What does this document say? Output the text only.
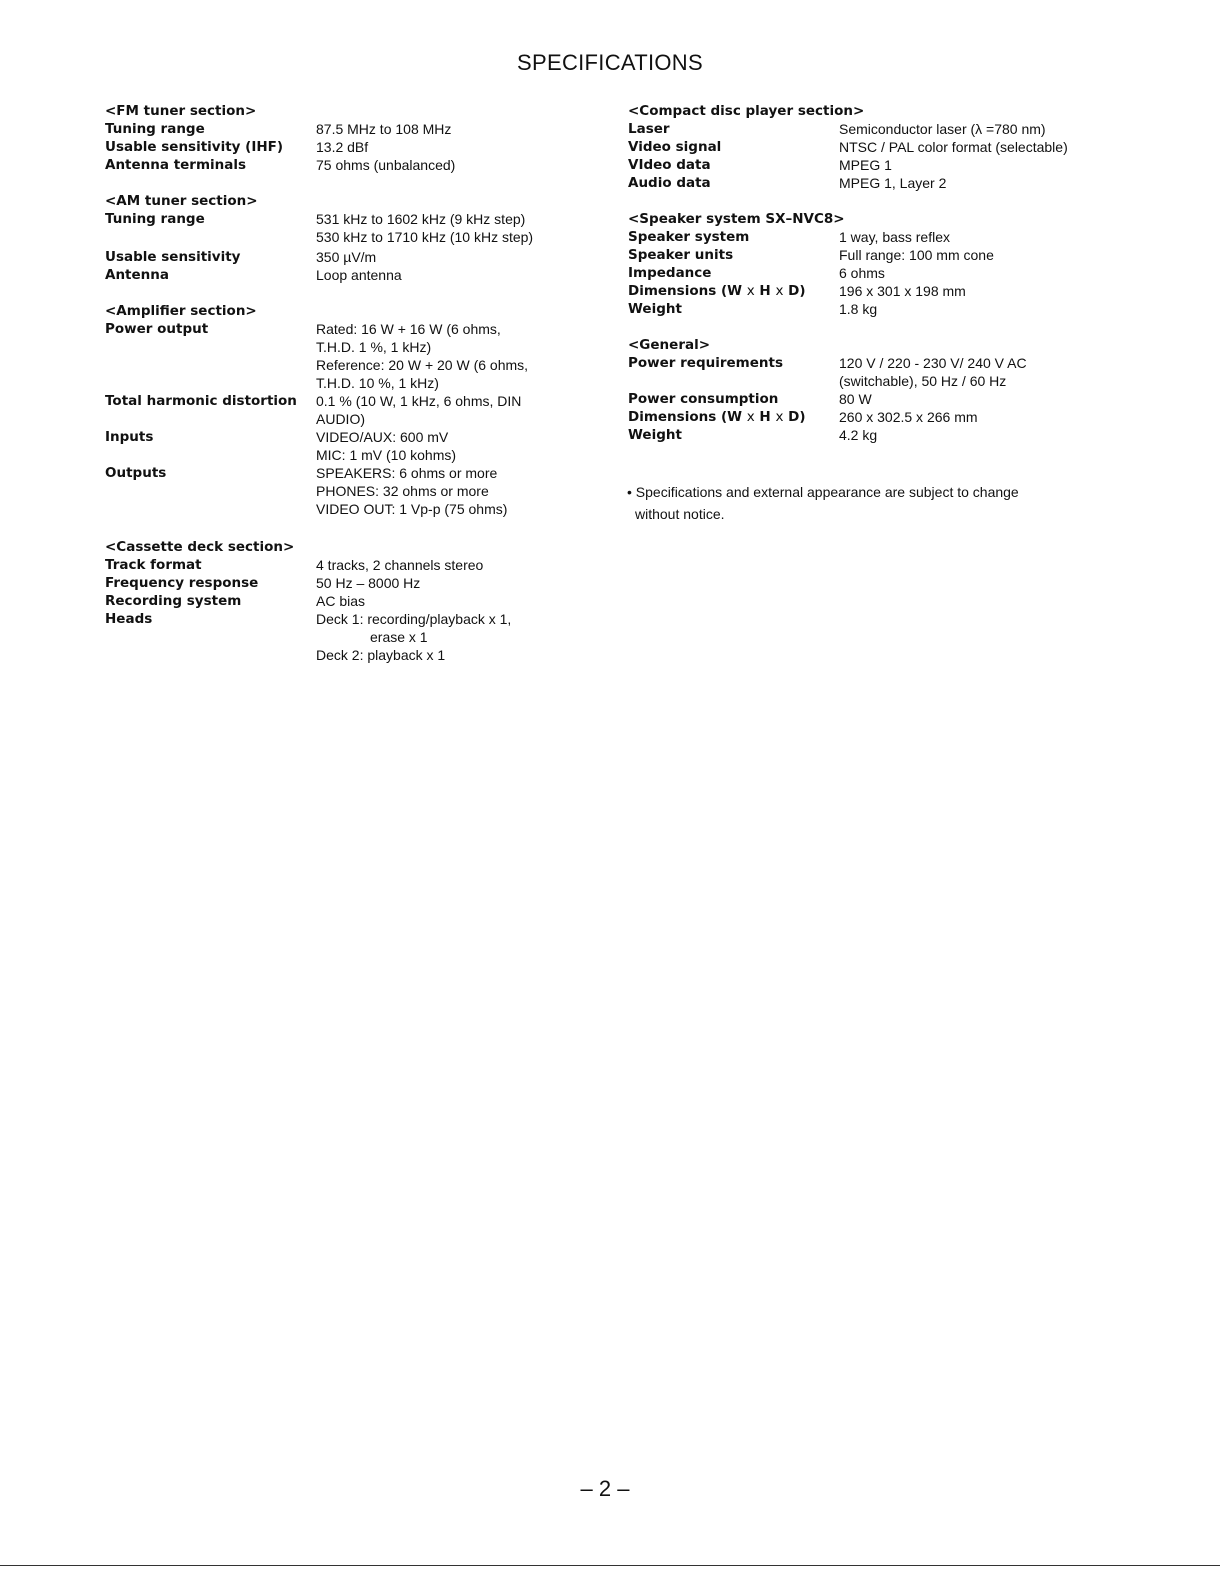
SPECIFICATIONS
<FM tuner section>
Tuning range	87.5 MHz to 108 MHz
Usable sensitivity (IHF)	13.2 dBf
Antenna terminals	75 ohms (unbalanced)
<AM tuner section>
Tuning range	531 kHz to 1602 kHz (9 kHz step)
530 kHz to 1710 kHz (10 kHz step)
Usable sensitivity	350 µV/m
Antenna	Loop antenna
<Amplifier section>
Power output	Rated: 16 W + 16 W (6 ohms,
T.H.D. 1 %, 1 kHz)
Reference: 20 W + 20 W (6 ohms,
T.H.D. 10 %, 1 kHz)
Total harmonic distortion	0.1 % (10 W, 1 kHz, 6 ohms, DIN
AUDIO)
Inputs	VIDEO/AUX: 600 mV
MIC: 1 mV (10 kohms)
Outputs	SPEAKERS: 6 ohms or more
PHONES: 32 ohms or more
VIDEO OUT: 1 Vp-p (75 ohms)
<Cassette deck section>
Track format	4 tracks, 2 channels stereo
Frequency response	50 Hz – 8000 Hz
Recording system	AC bias
Heads	Deck 1: recording/playback x 1,
erase x 1
Deck 2: playback x 1
<Compact disc player section>
Laser	Semiconductor laser (λ =780 nm)
Video signal	NTSC / PAL color format (selectable)
VIdeo data	MPEG 1
Audio data	MPEG 1, Layer 2
<Speaker system SX–NVC8>
Speaker system	1 way, bass reflex
Speaker units	Full range: 100 mm cone
Impedance	6 ohms
Dimensions (W x H x D)	196 x 301 x 198 mm
Weight	1.8 kg
<General>
Power requirements	120 V / 220 - 230 V/ 240 V AC
(switchable), 50 Hz / 60 Hz
Power consumption	80 W
Dimensions (W x H x D)	260 x 302.5 x 266 mm
Weight	4.2 kg
• Specifications and external appearance are subject to change
without notice.
– 2 –
